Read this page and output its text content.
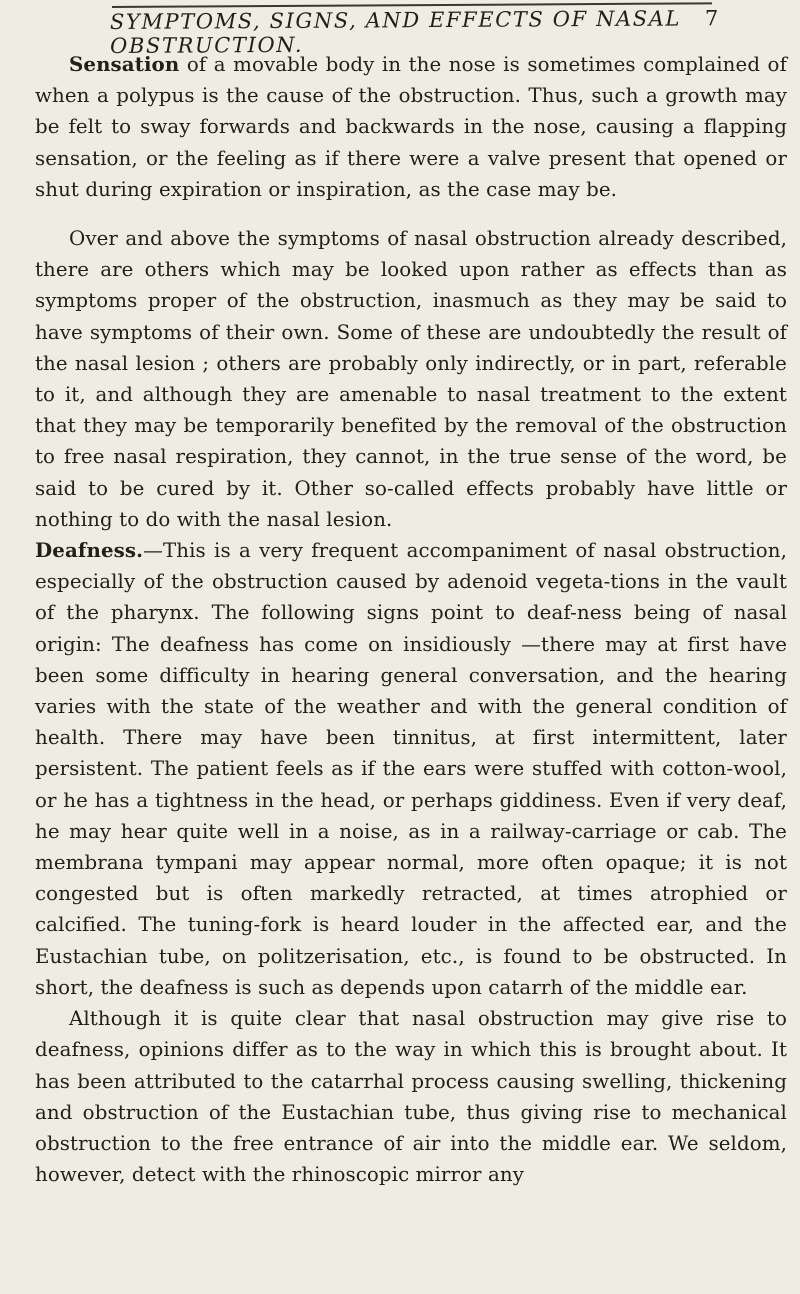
SYMPTOMS, SIGNS, AND EFFECTS OF NASAL OBSTRUCTION.
7

Sensation of a movable body in the nose is sometimes complained of when a polypus is the cause of the obstruction. Thus, such a growth may be felt to sway forwards and backwards in the nose, causing a flapping sensation, or the feeling as if there were a valve present that opened or shut during expiration or inspiration, as the case may be.

Over and above the symptoms of nasal obstruction already described, there are others which may be looked upon rather as effects than as symptoms proper of the obstruction, inasmuch as they may be said to have symptoms of their own. Some of these are undoubtedly the result of the nasal lesion ; others are probably only indirectly, or in part, referable to it, and although they are amenable to nasal treatment to the extent that they may be temporarily benefited by the removal of the obstruction to free nasal respiration, they cannot, in the true sense of the word, be said to be cured by it. Other so-called effects probably have little or nothing to do with the nasal lesion.

Deafness.—This is a very frequent accompaniment of nasal obstruction, especially of the obstruction caused by adenoid vegeta-tions in the vault of the pharynx. The following signs point to deaf-ness being of nasal origin: The deafness has come on insidiously —there may at first have been some difficulty in hearing general conversation, and the hearing varies with the state of the weather and with the general condition of health. There may have been tinnitus, at first intermittent, later persistent. The patient feels as if the ears were stuffed with cotton-wool, or he has a tightness in the head, or perhaps giddiness. Even if very deaf, he may hear quite well in a noise, as in a railway-carriage or cab. The membrana tympani may appear normal, more often opaque; it is not congested but is often markedly retracted, at times atrophied or calcified. The tuning-fork is heard louder in the affected ear, and the Eustachian tube, on politzerisation, etc., is found to be obstructed. In short, the deafness is such as depends upon catarrh of the middle ear.

Although it is quite clear that nasal obstruction may give rise to deafness, opinions differ as to the way in which this is brought about. It has been attributed to the catarrhal process causing swelling, thickening and obstruction of the Eustachian tube, thus giving rise to mechanical obstruction to the free entrance of air into the middle ear. We seldom, however, detect with the rhinoscopic mirror any
